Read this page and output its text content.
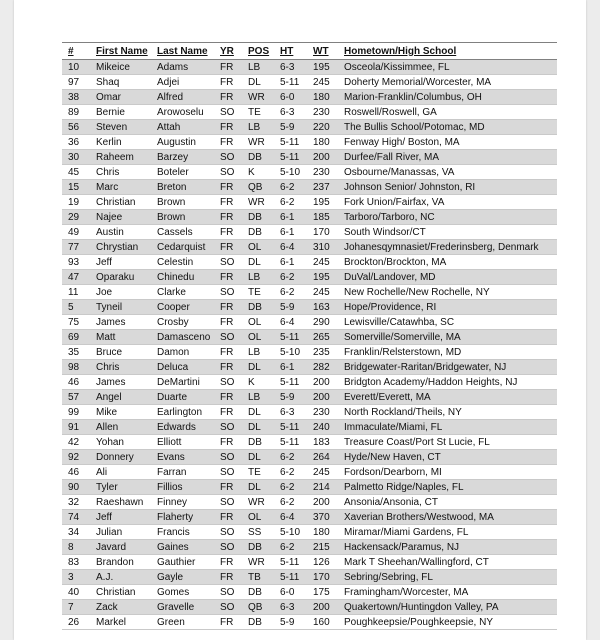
#	First Name	Last Name	YR	POS	HT	WT	Hometown/High School
10	Mikeice	Adams	FR	LB	6-3	195	Osceola/Kissimmee, FL
97	Shaq	Adjei	FR	DL	5-11	245	Doherty Memorial/Worcester, MA
38	Omar	Alfred	FR	WR	6-0	180	Marion-Franklin/Columbus, OH
89	Bernie	Arowoselu	SO	TE	6-3	230	Roswell/Roswell, GA
56	Steven	Attah	FR	LB	5-9	220	The Bullis School/Potomac, MD
36	Kerlin	Augustin	FR	WR	5-11	180	Fenway High/ Boston, MA
30	Raheem	Barzey	SO	DB	5-11	200	Durfee/Fall River, MA
45	Chris	Boteler	SO	K	5-10	230	Osbourne/Manassas, VA
15	Marc	Breton	FR	QB	6-2	237	Johnson Senior/ Johnston, RI
19	Christian	Brown	FR	WR	6-2	195	Fork Union/Fairfax, VA
29	Najee	Brown	FR	DB	6-1	185	Tarboro/Tarboro, NC
49	Austin	Cassels	FR	DB	6-1	170	South Windsor/CT
77	Chrystian	Cedarquist	FR	OL	6-4	310	Johanesqymnasiet/Frederinsberg, Denmark
93	Jeff	Celestin	SO	DL	6-1	245	Brockton/Brockton, MA
47	Oparaku	Chinedu	FR	LB	6-2	195	DuVal/Landover, MD
11	Joe	Clarke	SO	TE	6-2	245	New Rochelle/New Rochelle, NY
5	Tyneil	Cooper	FR	DB	5-9	163	Hope/Providence, RI
75	James	Crosby	FR	OL	6-4	290	Lewisville/Catawhba, SC
69	Matt	Damasceno	SO	OL	5-11	265	Somerville/Somerville, MA
35	Bruce	Damon	FR	LB	5-10	235	Franklin/Relsterstown, MD
98	Chris	Deluca	FR	DL	6-1	282	Bridgewater-Raritan/Bridgewater, NJ
46	James	DeMartini	SO	K	5-11	200	Bridgton Academy/Haddon Heights, NJ
57	Angel	Duarte	FR	LB	5-9	200	Everett/Everett, MA
99	Mike	Earlington	FR	DL	6-3	230	North Rockland/Theils, NY
91	Allen	Edwards	SO	DL	5-11	240	Immaculate/Miami, FL
42	Yohan	Elliott	FR	DB	5-11	183	Treasure Coast/Port St Lucie, FL
92	Donnery	Evans	SO	DL	6-2	264	Hyde/New Haven, CT
46	Ali	Farran	SO	TE	6-2	245	Fordson/Dearborn, MI
90	Tyler	Fillios	FR	DL	6-2	214	Palmetto Ridge/Naples, FL
32	Raeshawn	Finney	SO	WR	6-2	200	Ansonia/Ansonia, CT
74	Jeff	Flaherty	FR	OL	6-4	370	Xaverian Brothers/Westwood, MA
34	Julian	Francis	SO	SS	5-10	180	Miramar/Miami Gardens, FL
8	Javard	Gaines	SO	DB	6-2	215	Hackensack/Paramus, NJ
83	Brandon	Gauthier	FR	WR	5-11	126	Mark T Sheehan/Wallingford, CT
3	A.J.	Gayle	FR	TB	5-11	170	Sebring/Sebring, FL
40	Christian	Gomes	SO	DB	6-0	175	Framingham/Worcester, MA
7	Zack	Gravelle	SO	QB	6-3	200	Quakertown/Huntingdon Valley, PA
26	Markel	Green	FR	DB	5-9	160	Poughkeepsie/Poughkeepsie, NY
